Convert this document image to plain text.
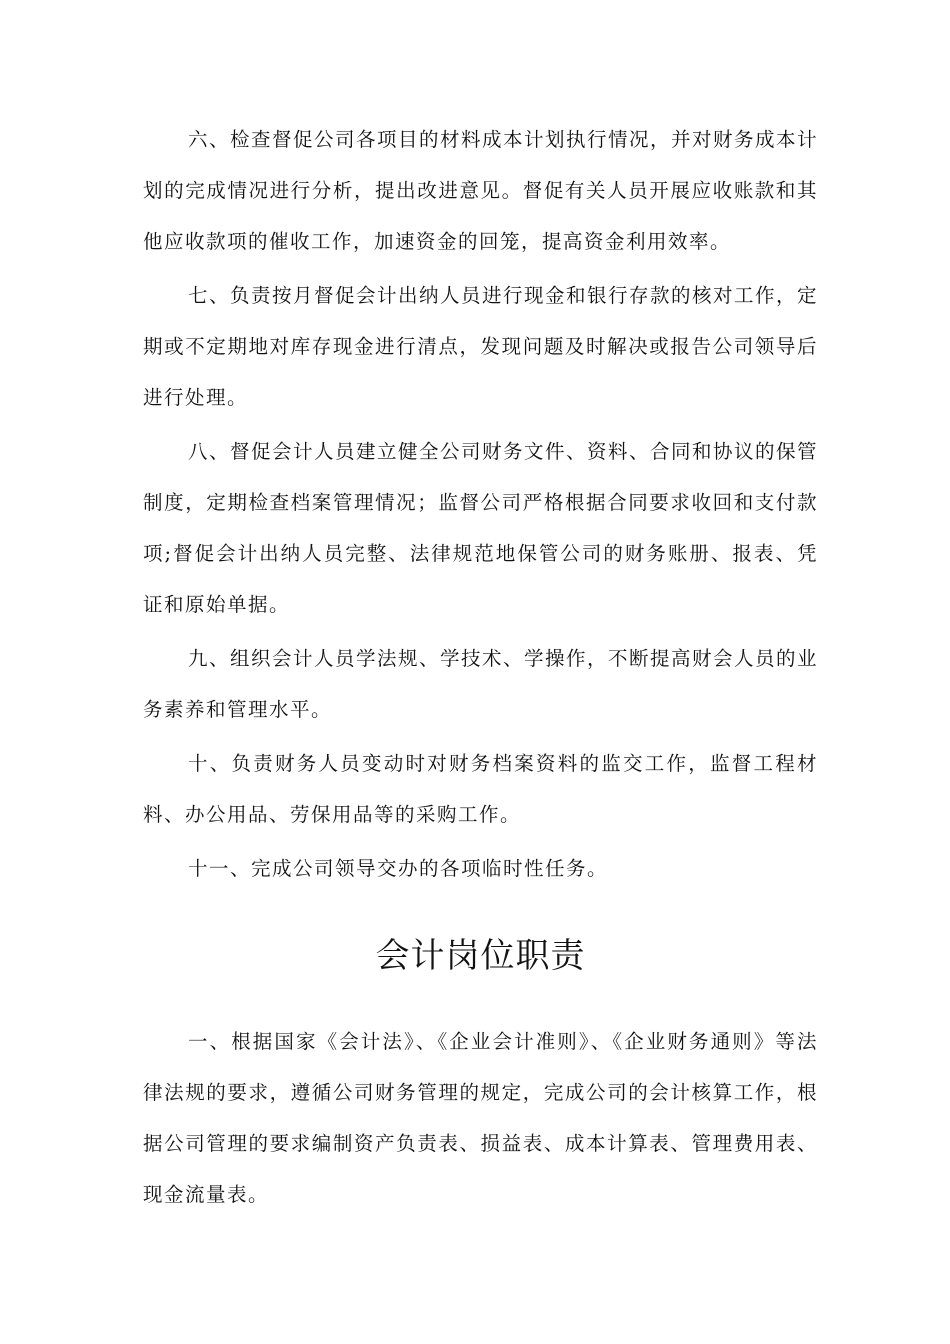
六、检查督促公司各项目的材料成本计划执行情况，并对财务成本计划的完成情况进行分析，提出改进意见。督促有关人员开展应收账款和其他应收款项的催收工作，加速资金的回笼，提高资金利用效率。

七、负责按月督促会计出纳人员进行现金和银行存款的核对工作，定期或不定期地对库存现金进行清点，发现问题及时解决或报告公司领导后进行处理。

八、督促会计人员建立健全公司财务文件、资料、合同和协议的保管制度，定期检查档案管理情况；监督公司严格根据合同要求收回和支付款项;督促会计出纳人员完整、法律规范地保管公司的财务账册、报表、凭证和原始单据。

九、组织会计人员学法规、学技术、学操作，不断提高财会人员的业务素养和管理水平。

十、负责财务人员变动时对财务档案资料的监交工作，监督工程材料、办公用品、劳保用品等的采购工作。

十一、完成公司领导交办的各项临时性任务。

会计岗位职责

一、根据国家《会计法》、《企业会计准则》、《企业财务通则》等法律法规的要求，遵循公司财务管理的规定，完成公司的会计核算工作，根据公司管理的要求编制资产负责表、损益表、成本计算表、管理费用表、现金流量表。
